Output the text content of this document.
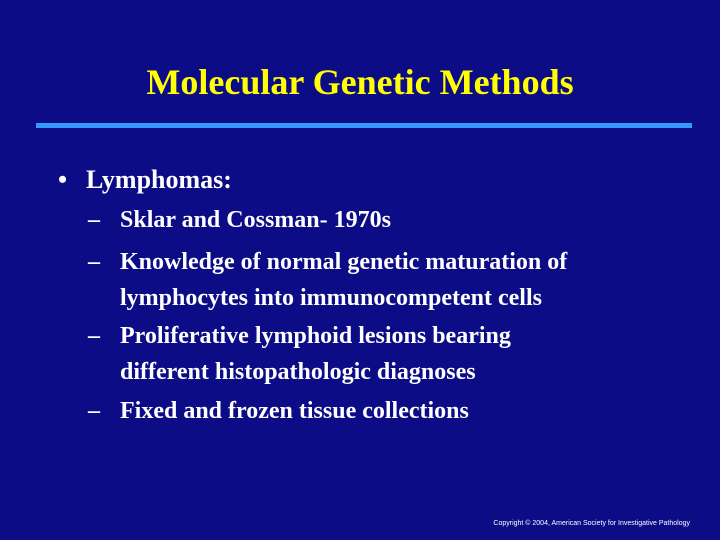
Molecular Genetic Methods
• Lymphomas:
– Sklar and Cossman- 1970s
– Knowledge of normal genetic maturation of
lymphocytes into immunocompetent cells
– Proliferative lymphoid lesions bearing
different histopathologic diagnoses
– Fixed and frozen tissue collections
Copyright © 2004, American Society for Investigative Pathology
